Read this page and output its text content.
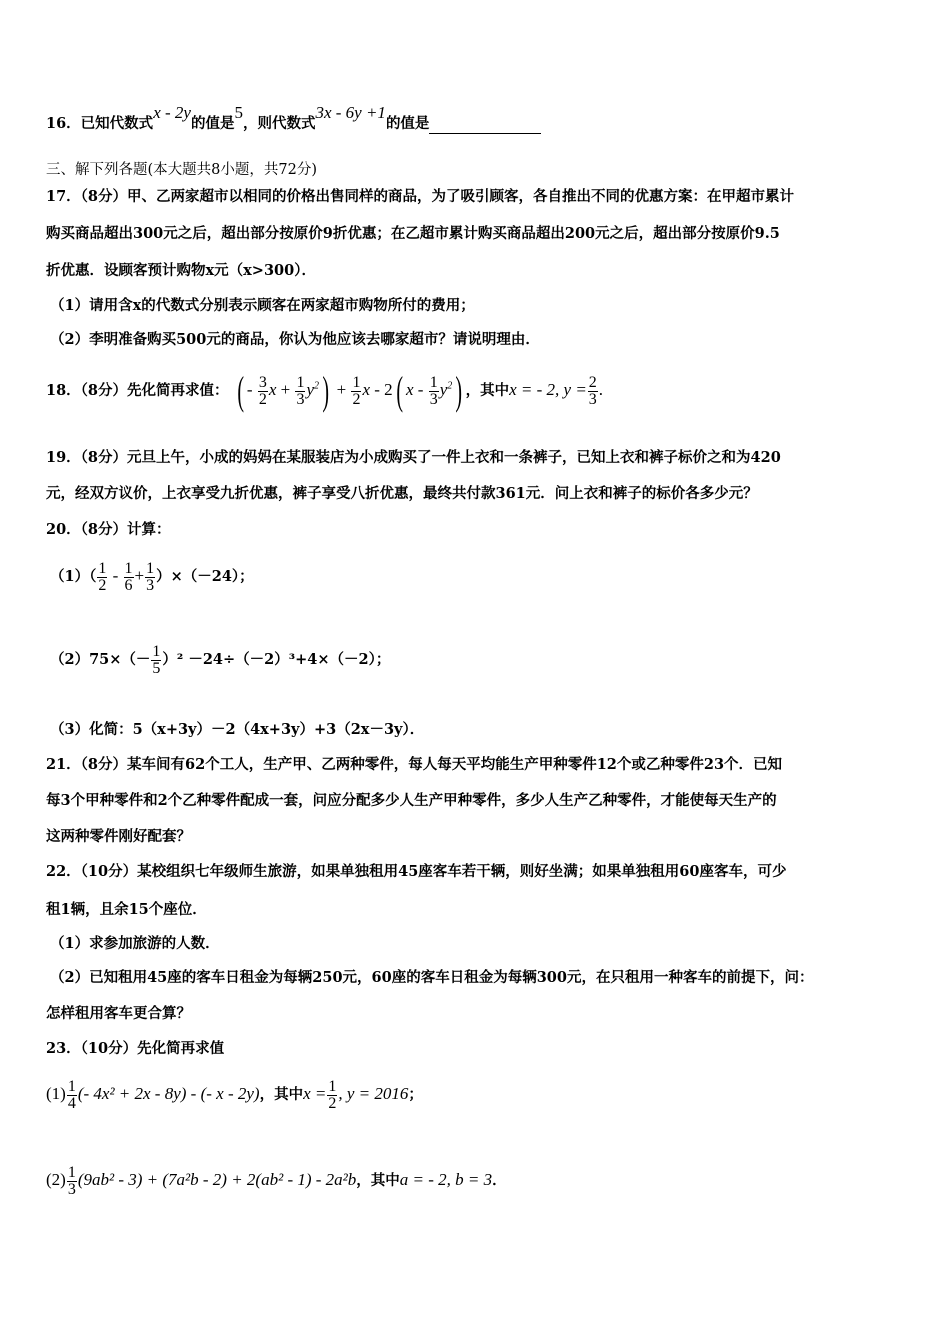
16．已知代数式x - 2y的值是5，则代数式3x - 6y +1的值是
三、解下列各题(本大题共8小题，共72分)
17．（8分）甲、乙两家超市以相同的价格出售同样的商品，为了吸引顾客，各自推出不同的优惠方案：在甲超市累计
购买商品超出300元之后，超出部分按原价9折优惠；在乙超市累计购买商品超出200元之后，超出部分按原价9.5
折优惠．设顾客预计购物x元（x>300）．
（1）请用含x的代数式分别表示顾客在两家超市购物所付的费用；
（2）李明准备购买500元的商品，你认为他应该去哪家超市？请说明理由．
18．（8分）先化简再求值： ( - $\frac{3}{2}$ $x + \frac{1}{3} y^2) + \frac{1}{2}$ x - 2( x - $\frac{1}{3} y^2$) ，其中x = - 2, $y = \frac{2}{3}$ .
19．（8分）元旦上午，小成的妈妈在某服装店为小成购买了一件上衣和一条裤子，已知上衣和裤子标价之和为420
元，经双方议价，上衣享受九折优惠，裤子享受八折优惠，最终共付款361元．问上衣和裤子的标价各多少元？
20．（8分）计算：
$(1)( \frac{1}{2} - \frac{1}{6} + \frac{1}{3} )\times(-24)$；
$(2)75\times(- \frac{1}{5} )^2 -24\div(-2)^3+4\times(-2)$；
（3）化简：5（x+3y）－2（4x+3y）+3（2x－3y）．
21．（8分）某车间有62个工人，生产甲、乙两种零件，每人每天平均能生产甲种零件12个或乙种零件23个．已知
每3个甲种零件和2个乙种零件配成一套，问应分配多少人生产甲种零件，多少人生产乙种零件，才能使每天生产的
这两种零件刚好配套？
22．（10分）某校组织七年级师生旅游，如果单独租用45座客车若干辆，则好坐满；如果单独租用60座客车，可少
租1辆，且余15个座位．
（1）求参加旅游的人数．
（2）已知租用45座的客车日租金为每辆250元，60座的客车日租金为每辆300元，在只租用一种客车的前提下，问：
怎样租用客车更合算？
23．（10分）先化简再求值
$(1) \frac{1}{4}$ (- 4x² + 2x - 8y) - (- x - 2y)，其中$x = \frac{1}{2}$ , y = 2016；
$(2) \frac{1}{3} (9ab^2 - 3) + (7a^2b - 2) + 2(ab^2 - 1) - 2a^2b$，其中a = - 2, b = 3．
